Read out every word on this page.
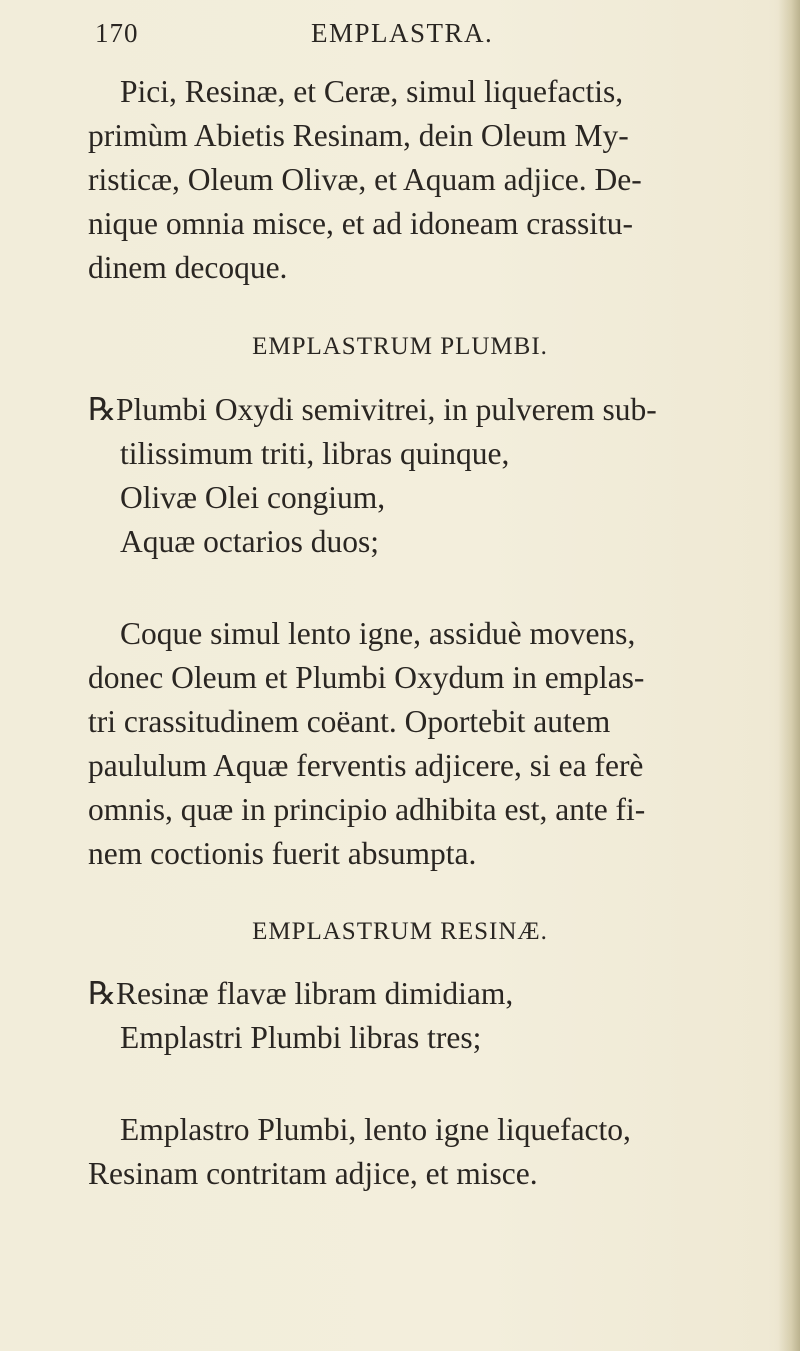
170	EMPLASTRA.
Pici, Resinæ, et Ceræ, simul liquefactis,
primùm Abietis Resinam, dein Oleum My-
risticæ, Oleum Olivæ, et Aquam adjice. De-
nique omnia misce, et ad idoneam crassitu-
dinem decoque.
EMPLASTRUM PLUMBI.
℞Plumbi Oxydi semivitrei, in pulverem sub-
tilissimum triti, libras quinque,
Olivæ Olei congium,
Aquæ octarios duos;
Coque simul lento igne, assiduè movens,
donec Oleum et Plumbi Oxydum in emplas-
tri crassitudinem coëant. Oportebit autem
paululum Aquæ ferventis adjicere, si ea ferè
omnis, quæ in principio adhibita est, ante fi-
nem coctionis fuerit absumpta.
EMPLASTRUM RESINÆ.
℞Resinæ flavæ libram dimidiam,
Emplastri Plumbi libras tres;
Emplastro Plumbi, lento igne liquefacto,
Resinam contritam adjice, et misce.
